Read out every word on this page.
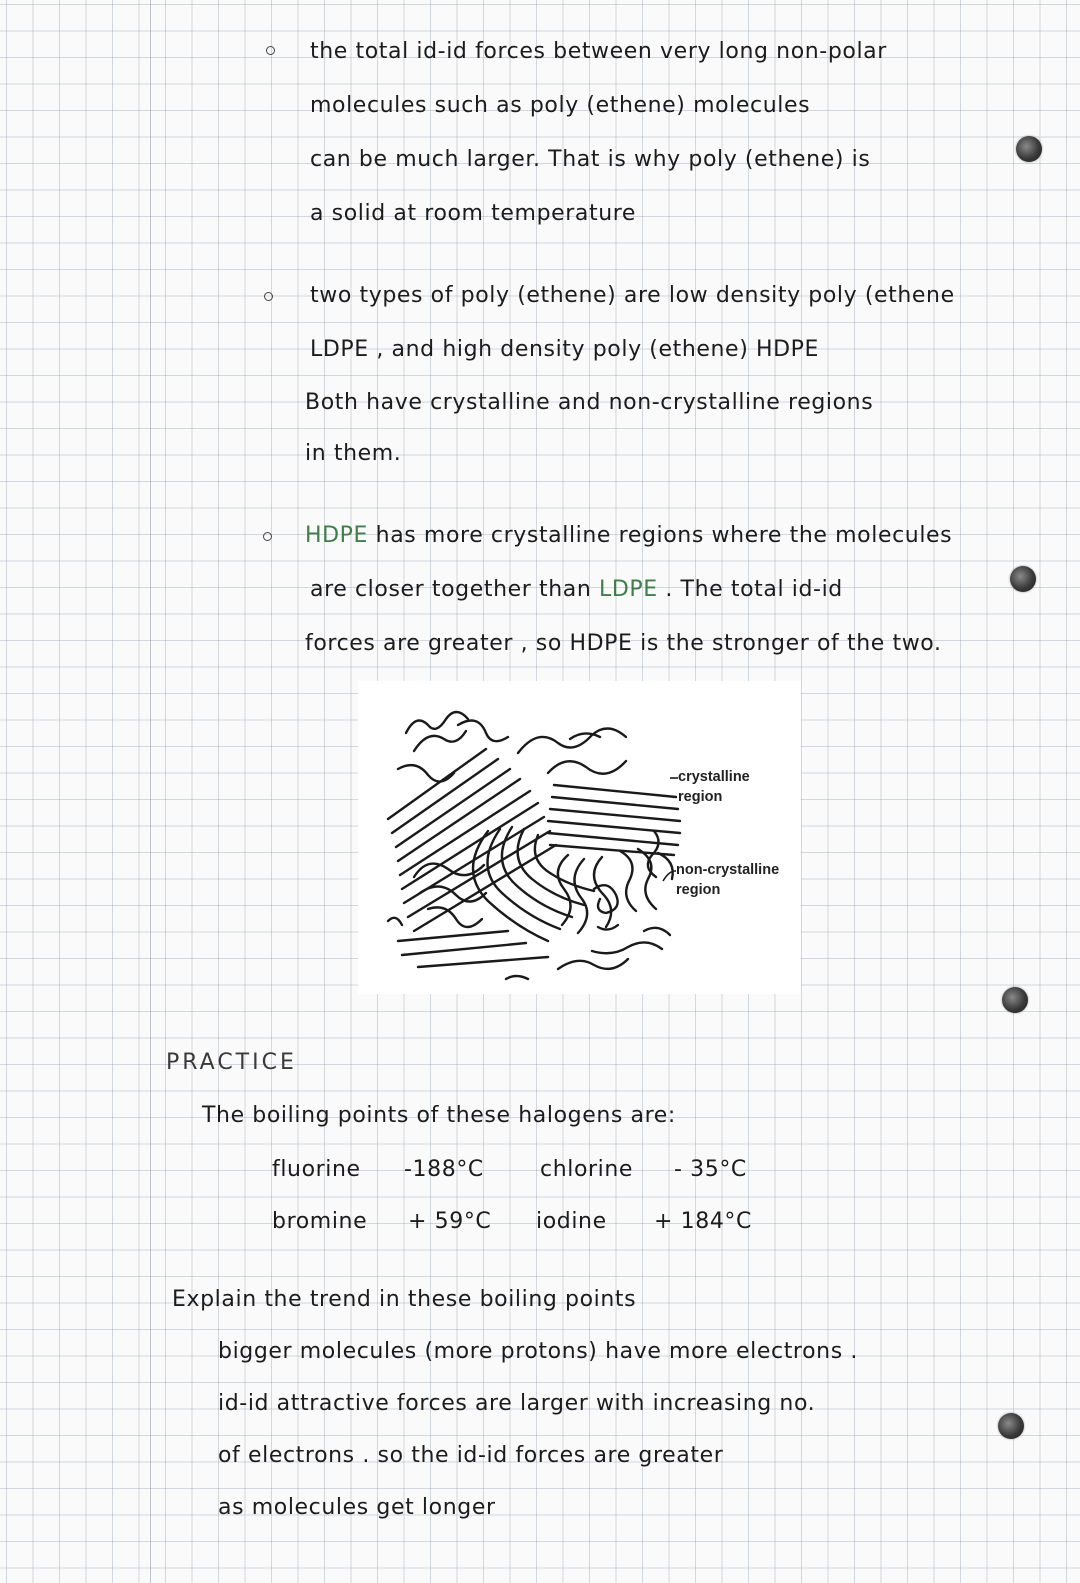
the total id-id forces between very long non-polar
molecules such as poly (ethene) molecules
can be much larger. That is why poly (ethene) is
a solid at room temperature
two types of poly (ethene) are low density poly (ethene
LDPE , and high density poly (ethene) HDPE
Both have crystalline and non-crystalline regions
in them.
HDPE has more crystalline regions where the molecules
are closer together than LDPE . The total id-id
forces are greater , so HDPE is the stronger of the two.
crystalline
region
non-crystalline
region
PRACTICE
The boiling points of these halogens are:
fluorine -188°C	chlorine - 35°C
bromine + 59°C iodine + 184°C
Explain the trend in these boiling points
bigger molecules (more protons) have more electrons .
id-id attractive forces are larger with increasing no.
of electrons . so the id-id forces are greater
as molecules get longer
